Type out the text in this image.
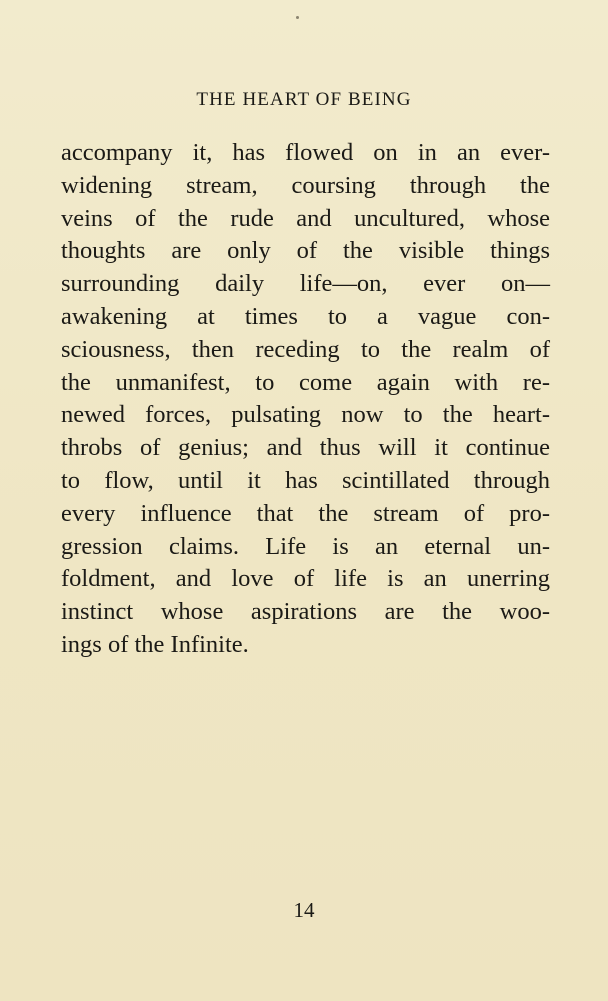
THE HEART OF BEING
accompany it, has flowed on in an ever-
widening stream, coursing through the
veins of the rude and uncultured, whose
thoughts are only of the visible things
surrounding daily life—on, ever on—
awakening at times to a vague con-
sciousness, then receding to the realm of
the unmanifest, to come again with re-
newed forces, pulsating now to the heart-
throbs of genius; and thus will it continue
to flow, until it has scintillated through
every influence that the stream of pro-
gression claims. Life is an eternal un-
foldment, and love of life is an unerring
instinct whose aspirations are the woo-
ings of the Infinite.
14
